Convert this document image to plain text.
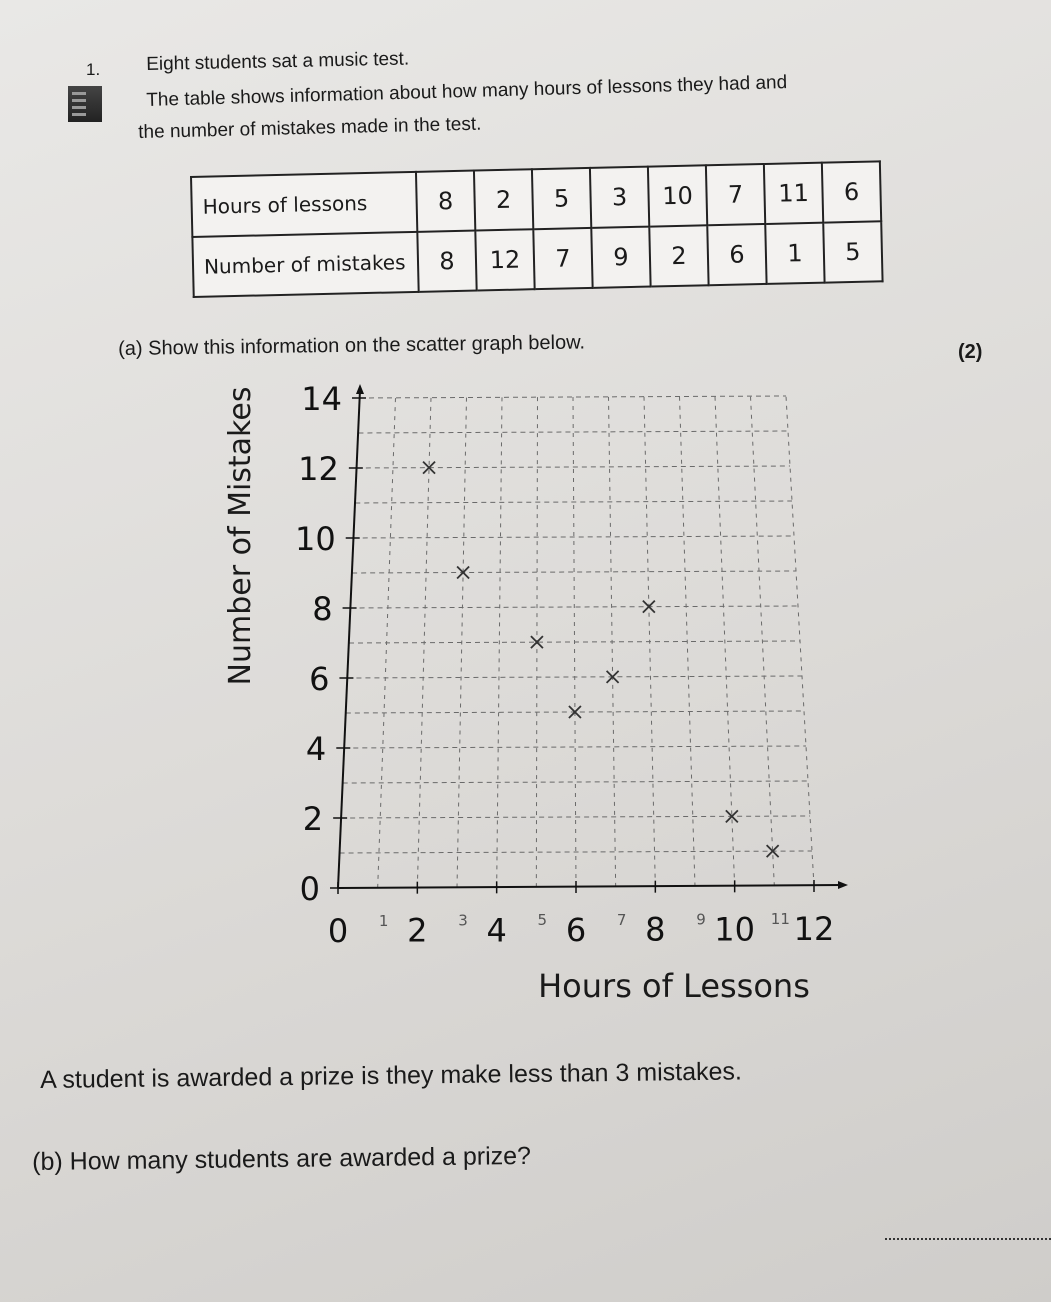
1. Eight students sat a music test.
The table shows information about how many hours of lessons they had and
the number of mistakes made in the test.
Hours of lessons	8	2	5	3	10	7	11	6
Number of mistakes	8	12	7	9	2	6	1	5
(a) Show this information on the scatter graph below.	(2)
0 2 4 6 8 10 12
0
2
4
6
8
10
12
14
1	3	5	7	9	11
Number of Mistakes
Hours of Lessons
A student is awarded a prize is they make less than 3 mistakes.
(b) How many students are awarded a prize?
